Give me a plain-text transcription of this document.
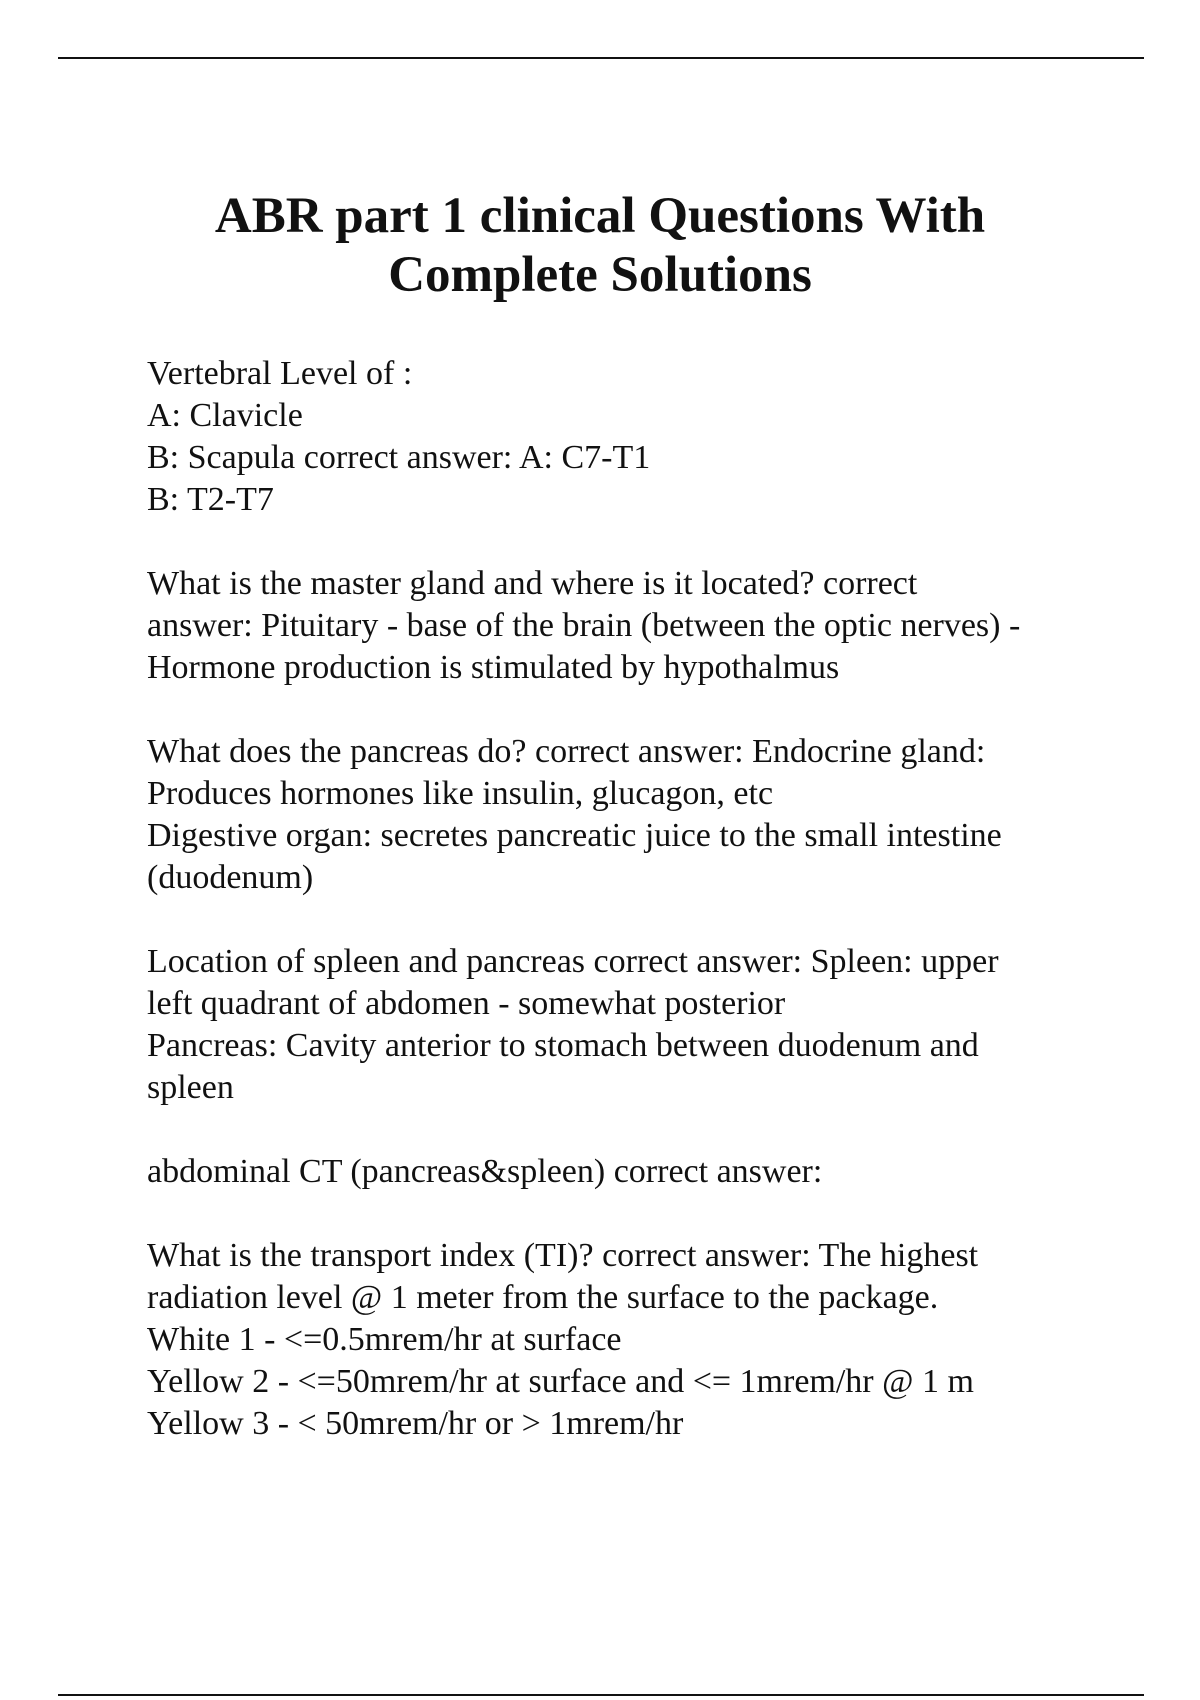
ABR part 1 clinical Questions With
Complete Solutions
Vertebral Level of :
A: Clavicle
B: Scapula correct answer: A: C7-T1
B: T2-T7
What is the master gland and where is it located? correct
answer: Pituitary - base of the brain (between the optic nerves) -
Hormone production is stimulated by hypothalmus
What does the pancreas do? correct answer: Endocrine gland:
Produces hormones like insulin, glucagon, etc
Digestive organ: secretes pancreatic juice to the small intestine
(duodenum)
Location of spleen and pancreas correct answer: Spleen: upper
left quadrant of abdomen - somewhat posterior
Pancreas: Cavity anterior to stomach between duodenum and
spleen
abdominal CT (pancreas&spleen) correct answer:
What is the transport index (TI)? correct answer: The highest
radiation level @ 1 meter from the surface to the package.
White 1 - <=0.5mrem/hr at surface
Yellow 2 - <=50mrem/hr at surface and <= 1mrem/hr @ 1 m
Yellow 3 - < 50mrem/hr or > 1mrem/hr
